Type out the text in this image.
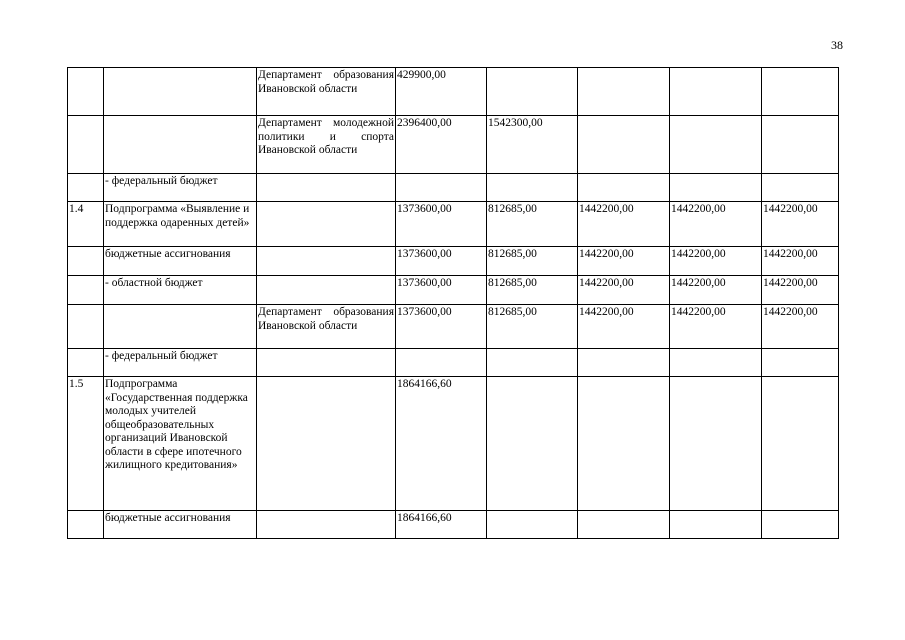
38
		Департамент образования Ивановской области	429900,00				
		Департамент молодежной политики и спорта Ивановской области	2396400,00	1542300,00			
	- федеральный бюджет						
1.4	Подпрограмма «Выявление и поддержка одаренных детей»		1373600,00	812685,00	1442200,00	1442200,00	1442200,00
	бюджетные ассигнования		1373600,00	812685,00	1442200,00	1442200,00	1442200,00
	- областной бюджет		1373600,00	812685,00	1442200,00	1442200,00	1442200,00
		Департамент образования Ивановской области	1373600,00	812685,00	1442200,00	1442200,00	1442200,00
	- федеральный бюджет						
1.5	Подпрограмма «Государственная поддержка молодых учителей общеобразовательных организаций Ивановской области в сфере ипотечного жилищного кредитования»		1864166,60				
	бюджетные ассигнования		1864166,60				
